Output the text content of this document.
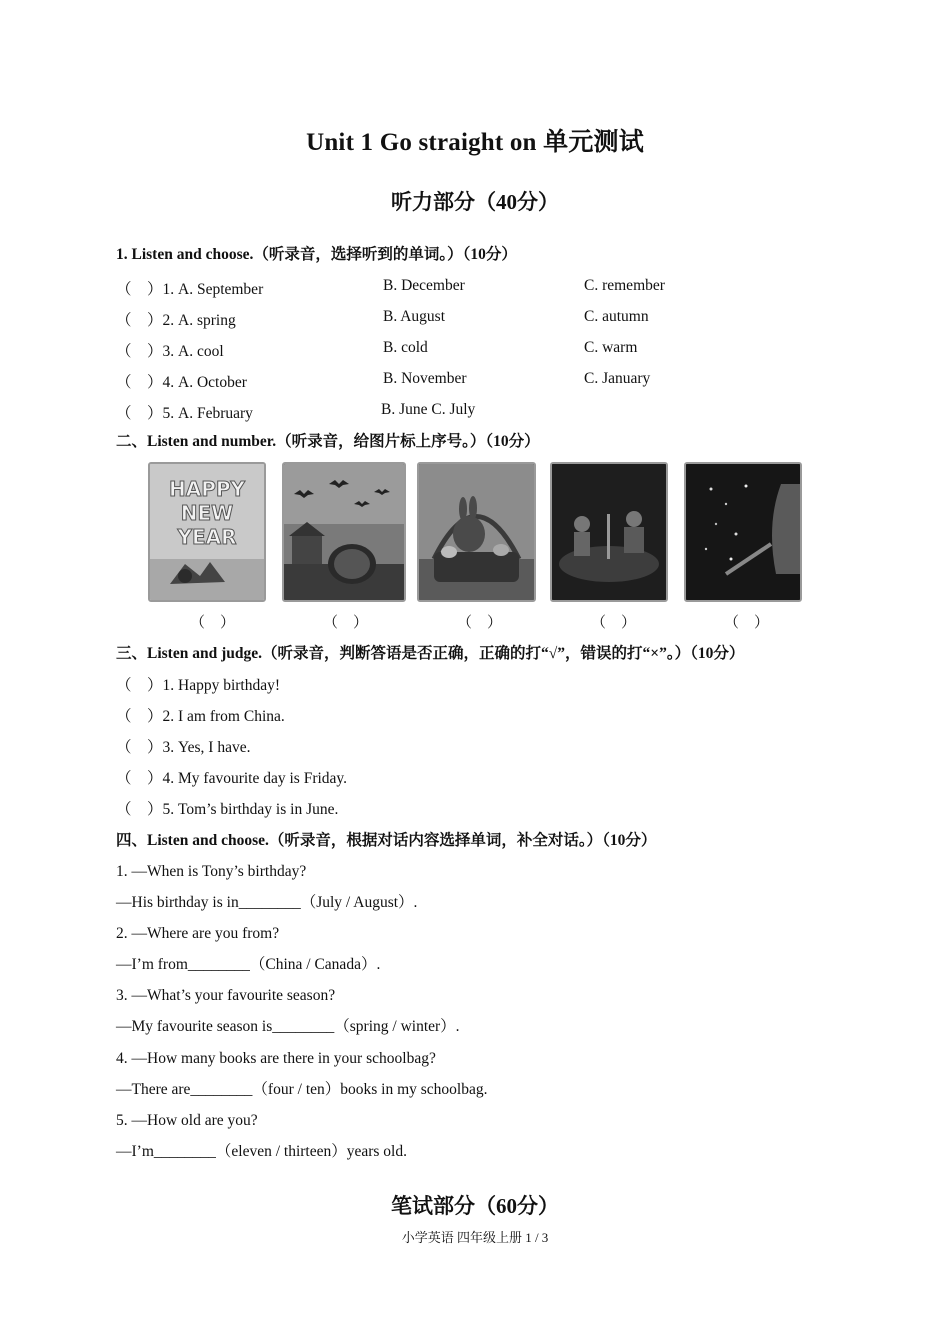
Unit 1 Go straight on 单元测试
听力部分（40分）
1. Listen and choose.（听录音，选择听到的单词。）（10分）
（　）1. A. September	B. December	C. remember
（　）2. A. spring	B. August	C. autumn
（　）3. A. cool	B. cold	C. warm
（　）4. A. October	B. November	C. January
（　）5. A. February	B. June C. July
二、Listen and number.（听录音，给图片标上序号。）（10分）
HAPPY NEW YEAR
（　）	（　）	（　）	（　）	（　）
三、Listen and judge.（听录音，判断答语是否正确，正确的打“√”，错误的打“×”。）（10分）
（　）1. Happy birthday!
（　）2. I am from China.
（　）3. Yes, I have.
（　）4. My favourite day is Friday.
（　）5. Tom’s birthday is in June.
四、Listen and choose.（听录音，根据对话内容选择单词，补全对话。）（10分）
1. —When is Tony’s birthday?
—His birthday is in________（July / August）.
2. —Where are you from?
—I’m from________（China / Canada）.
3. —What’s your favourite season?
—My favourite season is________（spring / winter）.
4. —How many books are there in your schoolbag?
—There are________（four / ten）books in my schoolbag.
5. —How old are you?
—I’m________（eleven / thirteen）years old.
笔试部分（60分）
小学英语 四年级上册 1 / 3
